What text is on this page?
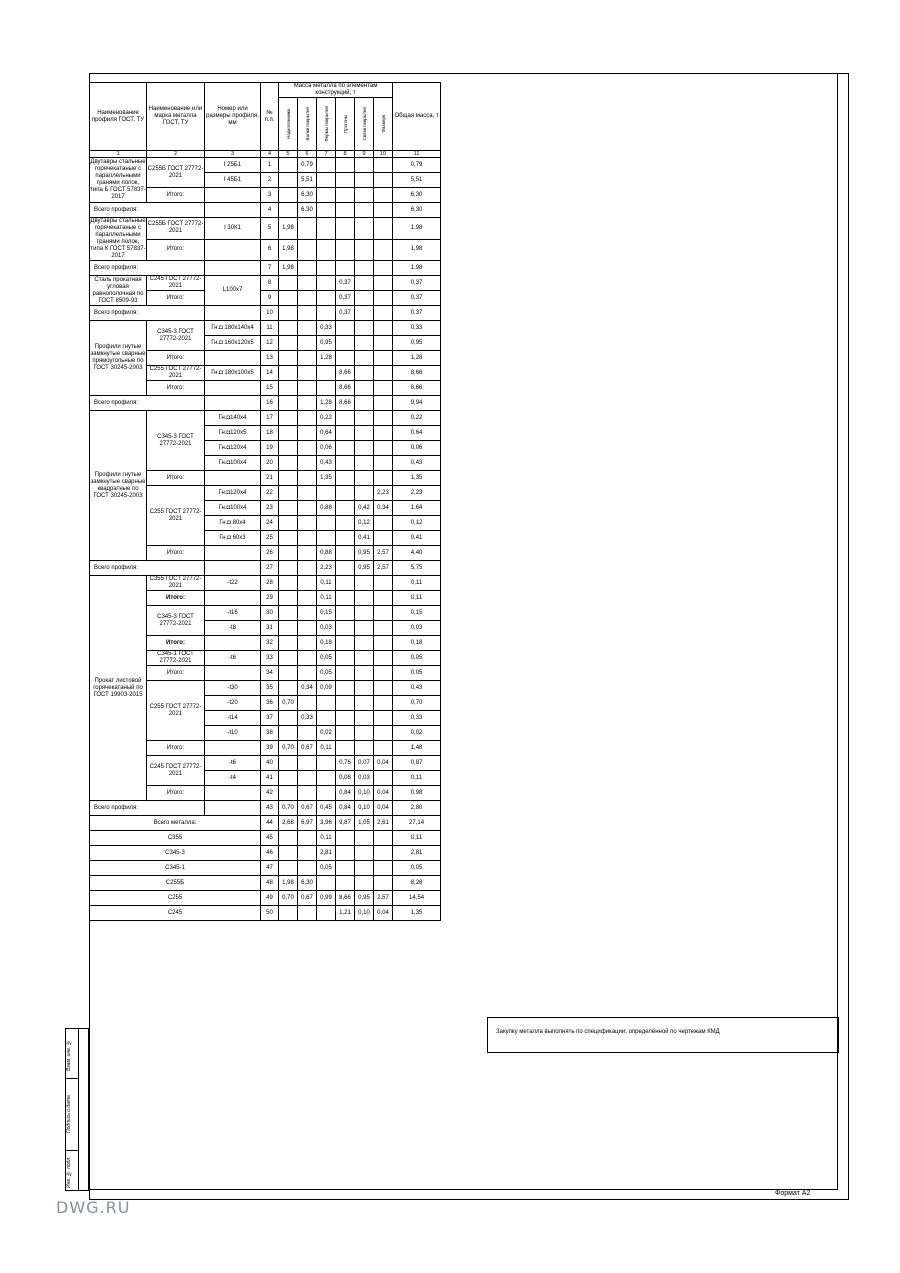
Взам. инв. №
Подпись и дата
Инв. № подл.
Закупку металла выполнять по спецификации, определённой по чертежам КМД
Формат А2
DWG.RU
Наименование профиля ГОСТ, ТУ	Наименование или марка металла ГОСТ, ТУ	Номер или размеры профиля, мм	№ п.п.	Масса металла по элементам конструкций, т						Общая масса, т

				Надколонники	Балки покрытия	Фермы покрытия	Прогоны	Связи покрытия	Фахверк	

1	2	3	4	5	6	7	8	9	10	11
Двутавры стальные горячекатаные с параллельными гранями полок, типа Б ГОСТ 57837-2017	С255Б ГОСТ 27772-2021	I 25Б1	1		0,79					0,79
		I 45Б1	2		5,51					5,51
	Итого:		3		6,30					6,30
Всего профиля:			4		6,30					6,30
Двутавры стальные горячекатаные с параллельными гранями полок, типа К ГОСТ 57837-2017	С255Б ГОСТ 27772-2021	I 30К1	5	1,98						1,98
	Итого:		6	1,98						1,98
Всего профиля:			7	1,98						1,98
Сталь прокатная угловая равнополочная по ГОСТ 8509-93	С245 ГОСТ 27772-2021	L100x7	8				0,37			0,37
	Итого:		9				0,37			0,37
Всего профиля:			10				0,37			0,37
Профили гнутые замкнутые сварные прямоугольные по ГОСТ 30245-2003	С345-3 ГОСТ 27772-2021	Гн.◘ 180x140x4	11			0,33				0,33
		Гн.◘ 160x120x5	12			0,95				0,95
	Итого:		13			1,28				1,28
	С255 ГОСТ 27772-2021	Гн.◘ 180x100x5	14				8,66			8,66
	Итого:		15				8,66			8,66
Всего профиля:			16			1,28	8,66			9,94
Профили гнутые замкнутые сварные квадратные по ГОСТ 30245-2003	С345-3 ГОСТ 27772-2021	Гн.◘140x4	17			0,22				0,22
		Гн.◘120x5	18			0,64				0,64
		Гн.◘120x4	19			0,06				0,06
		Гн.◘100x4	20			0,43				0,43
	Итого:		21			1,35				1,35
	С255 ГОСТ 27772-2021	Гн.◘120x4	22						2,23	2,23
		Гн.◘100x4	23			0,88		0,42	0,34	1,64
		Гн.◘ 80x4	24					0,12		0,12
		Гн.◘ 60x3	25					0,41		0,41
	Итого:		26			0,88		0,95	2,57	4,40
Всего профиля:			27			2,23		0,95	2,57	5,75
Прокат листовой горячекатаный по ГОСТ 19903-2015	С355 ГОСТ 27772-2021	-t22	28			0,11				0,11
	Итого:		29			0,11				0,11
	С345-3 ГОСТ 27772-2021	-t16	30			0,15				0,15
		-t8	31			0,03				0,03
	Итого:		32			0,18				0,18
	С345-1 ГОСТ 27772-2021	-t6	33			0,05				0,05
	Итого:		34			0,05				0,05
	С255 ГОСТ 27772-2021	-t30	35		0,34	0,09				0,43
		-t20	36	0,70						0,70
		-t14	37		0,33					0,33
		-t10	38			0,02				0,02
	Итого:		39	0,70	0,67	0,11				1,48
	С245 ГОСТ 27772-2021	-t6	40				0,76	0,07	0,04	0,87
		-t4	41				0,08	0,03		0,11
	Итого:		42				0,84	0,10	0,04	0,98
Всего профиля:			43	0,70	0,67	0,45	0,84	0,10	0,04	2,80
Всего металла:			44	2,68	6,97	3,96	9,87	1,05	2,61	27,14
С355			45			0,11				0,11
С345-3			46			2,81				2,81
С345-1			47			0,05				0,05
С255Б			48	1,98	6,30					8,28
С255			49	0,70	0,67	0,99	8,66	0,95	2,57	14,54
С245			50				1,21	0,10	0,04	1,35
